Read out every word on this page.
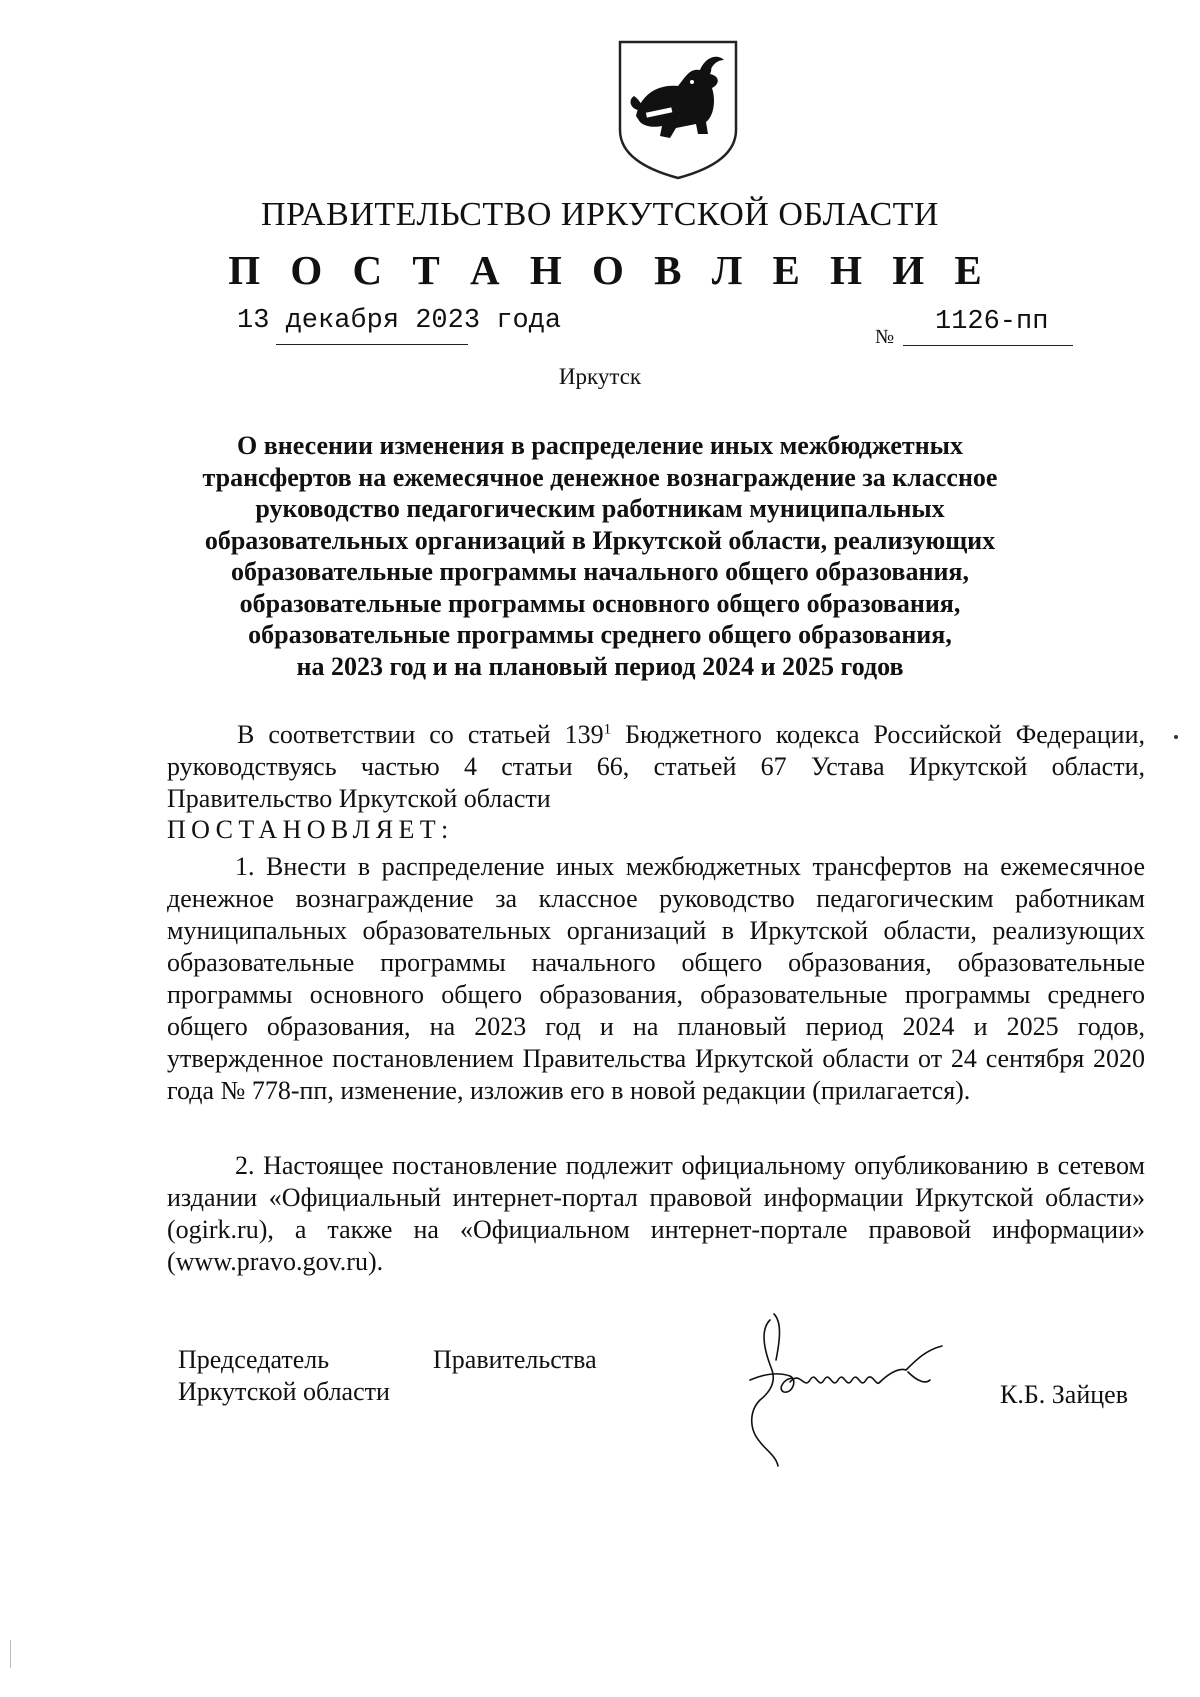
ПРАВИТЕЛЬСТВО ИРКУТСКОЙ ОБЛАСТИ
П О С Т А Н О В Л Е Н И Е
13 декабря 2023 года
№ 1126-пп
Иркутск
О внесении изменения в распределение иных межбюджетных
трансфертов на ежемесячное денежное вознаграждение за классное
руководство педагогическим работникам муниципальных
образовательных организаций в Иркутской области, реализующих
образовательные программы начального общего образования,
образовательные программы основного общего образования,
образовательные программы среднего общего образования,
на 2023 год и на плановый период 2024 и 2025 годов
В соответствии со статьей $139^1$ Бюджетного кодекса Российской Федерации, руководствуясь частью 4 статьи 66, статьей 67 Устава Иркутской области, Правительство Иркутской области
ПОСТАНОВЛЯЕТ:
1. Внести в распределение иных межбюджетных трансфертов на ежемесячное денежное вознаграждение за классное руководство педагогическим работникам муниципальных образовательных организаций в Иркутской области, реализующих образовательные программы начального общего образования, образовательные программы основного общего образования, образовательные программы среднего общего образования, на 2023 год и на плановый период 2024 и 2025 годов, утвержденное постановлением Правительства Иркутской области от 24 сентября 2020 года № 778-пп, изменение, изложив его в новой редакции (прилагается).
2. Настоящее постановление подлежит официальному опубликованию в сетевом издании «Официальный интернет-портал правовой информации Иркутской области» (ogirk.ru), а также на «Официальном интернет-портале правовой информации» (www.pravo.gov.ru).
Председатель	Правительства
Иркутской области	К.Б. Зайцев
